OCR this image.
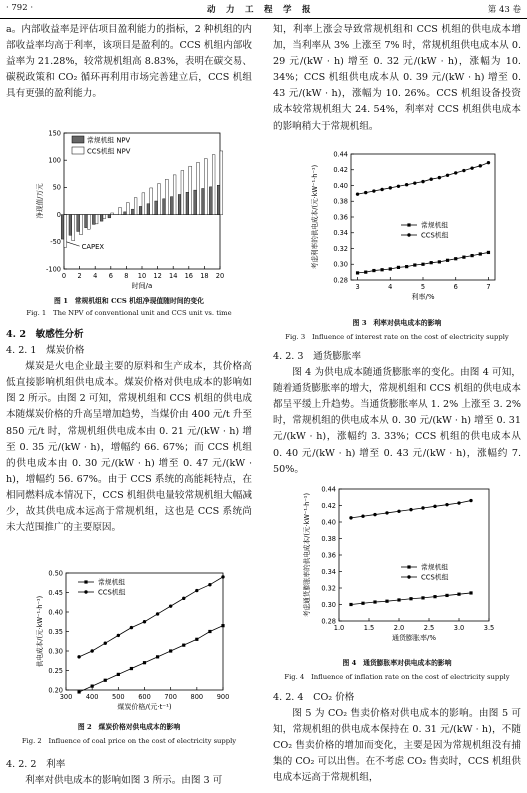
· 792 ·	动　力　工　程　学　报	第 43 卷

a。内部收益率是评估项目盈利能力的指标，2 种机组的内部收益率均高于利率，该项目是盈利的。CCS 机组内部收益率为 21.28%，较常规机组高 8.83%，表明在碳交易、碳税政策和 CO₂ 循环再利用市场完善建立后，CCS 机组具有更强的盈利能力。

0 2 4 6 8 10 12 14 16 18 20
-100
-50
0
50
100
150
时间/a
净现值/万元
常规机组 NPV
CCS机组 NPV
CAPEX
图 1　常规机组和 CCS 机组净现值随时间的变化
Fig. 1　The NPV of conventional unit and CCS unit vs. time

4. 2　敏感性分析

4. 2. 1　煤炭价格

煤炭是火电企业最主要的原料和生产成本，其价格高低直接影响机组供电成本。煤炭价格对供电成本的影响如图 2 所示。由图 2 可知，常规机组和 CCS 机组的供电成本随煤炭价格的升高呈增加趋势，当煤价由 400 元/t 升至 850 元/t 时，常规机组供电成本由 0. 21 元/(kW · h) 增至 0. 35 元/(kW · h)，增幅约 66. 67%；而 CCS 机组的供电成本由 0. 30 元/(kW · h) 增至 0. 47 元/(kW · h)，增幅约 56. 67%。由于 CCS 系统的高能耗特点，在相同燃料成本情况下，CCS 机组供电量较常规机组大幅减少，故其供电成本远高于常规机组，这也是 CCS 系统尚未大范围推广的主要原因。

300 400 500 600 700 800 900
0.20
0.25
0.30
0.35
0.40
0.45
0.50
煤炭价格/(元·t⁻¹)
供电成本/(元·kW⁻¹·h⁻¹)
常规机组
CCS机组
图 2　煤炭价格对供电成本的影响
Fig. 2　Influence of coal price on the cost of electricity supply

4. 2. 2　利率

利率对供电成本的影响如图 3 所示。由图 3 可

知，利率上涨会导致常规机组和 CCS 机组的供电成本增加，当利率从 3% 上涨至 7% 时，常规机组供电成本从 0. 29 元/(kW · h) 增至 0. 32 元/(kW · h)，涨幅为 10. 34%；CCS 机组供电成本从 0. 39 元/(kW · h) 增至 0. 43 元/(kW · h)，涨幅为 10. 26%。CCS 机组设备投资成本较常规机组大 24. 54%，利率对 CCS 机组供电成本的影响稍大于常规机组。

3	4	5	6	7
0.28
0.30
0.32
0.34
0.36
0.38
0.40
0.42
0.44
利率/%
考虑利率的供电成本/(元·kW⁻¹·h⁻¹)	常规机组
CCS机组
图 3　利率对供电成本的影响
Fig. 3　Influence of interest rate on the cost of electricity supply

4. 2. 3　通货膨胀率

图 4 为供电成本随通货膨胀率的变化。由图 4 可知，随着通货膨胀率的增大，常规机组和 CCS 机组的供电成本都呈平缓上升趋势。当通货膨胀率从 1. 2% 上涨至 3. 2% 时，常规机组的供电成本从 0. 30 元/(kW · h) 增至 0. 31 元/(kW · h)，涨幅约 3. 33%；CCS 机组的供电成本从 0. 40 元/(kW · h) 增至 0. 43 元/(kW · h)，涨幅约 7. 50%。

1.0	1.5	2.0	2.5	3.0	3.5
0.28
0.30
0.32
0.34
0.36
0.38
0.40
0.42
0.44
通货膨胀率/%
考虑通货膨胀率的供电成本/(元·kW⁻¹·h⁻¹)	常规机组
CCS机组
图 4　通货膨胀率对供电成本的影响
Fig. 4　Influence of inflation rate on the cost of electricity supply

4. 2. 4　CO₂ 价格

图 5 为 CO₂ 售卖价格对供电成本的影响。由图 5 可知，常规机组的供电成本保持在 0. 31 元/(kW · h)，不随 CO₂ 售卖价格的增加而变化，主要是因为常规机组没有捕集的 CO₂ 可以出售。在不考虑 CO₂ 售卖时，CCS 机组供电成本远高于常规机组，
